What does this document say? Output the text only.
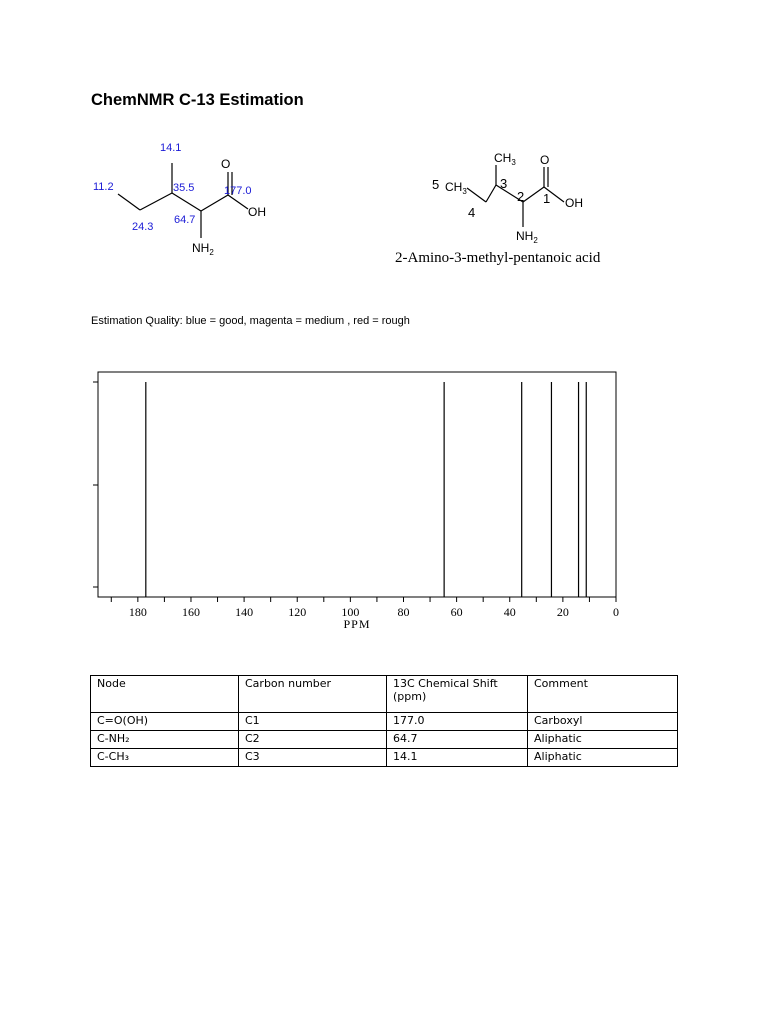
ChemNMR C-13 Estimation
14.1
11.2	35.5	177.0
64.7
24.3
O
OH
$NH_2$
$CH_3$ O
5 $CH_3$
3
1
2
4
OH
$NH_2$
2-Amino-3-methyl-pentanoic acid
Estimation Quality: blue = good, magenta = medium , red = rough
180	160	140	120	100	80	60	40	20	0
PPM
Node	Carbon number	13C Chemical Shift (ppm)	Comment
C=O(OH)	C1	177.0	Carboxyl
C-NH₂	C2	64.7	Aliphatic
C-CH₃	C3	14.1	Aliphatic
